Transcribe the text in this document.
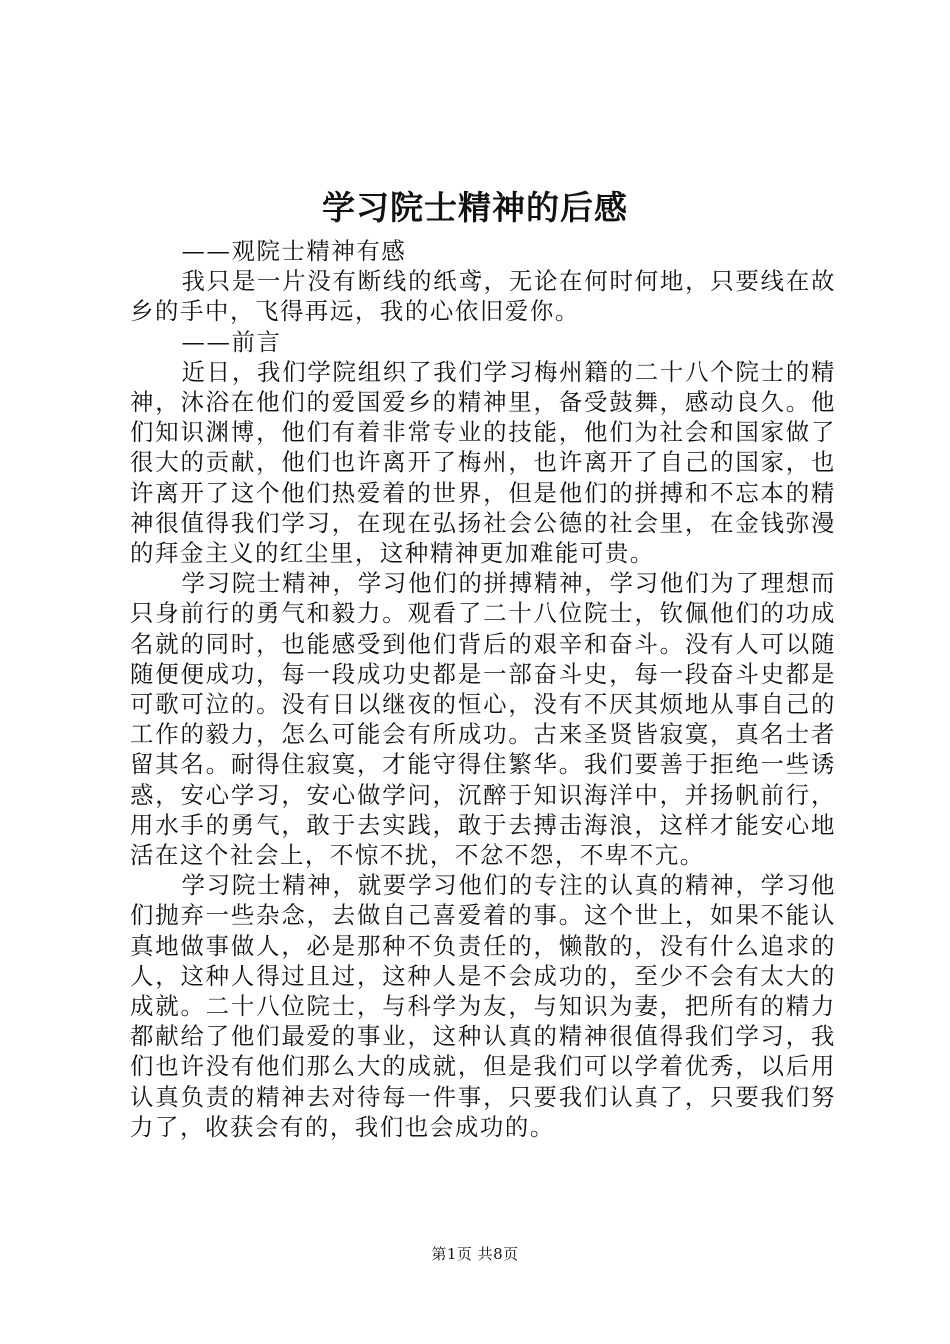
学习院士精神的后感

——观院士精神有感

我只是一片没有断线的纸鸢，无论在何时何地，只要线在故乡的手中，飞得再远，我的心依旧爱你。

——前言

近日，我们学院组织了我们学习梅州籍的二十八个院士的精神，沐浴在他们的爱国爱乡的精神里，备受鼓舞，感动良久。他们知识渊博，他们有着非常专业的技能，他们为社会和国家做了很大的贡献，他们也许离开了梅州，也许离开了自己的国家，也许离开了这个他们热爱着的世界，但是他们的拼搏和不忘本的精神很值得我们学习，在现在弘扬社会公德的社会里，在金钱弥漫的拜金主义的红尘里，这种精神更加难能可贵。

学习院士精神，学习他们的拼搏精神，学习他们为了理想而只身前行的勇气和毅力。观看了二十八位院士，钦佩他们的功成名就的同时，也能感受到他们背后的艰辛和奋斗。没有人可以随随便便成功，每一段成功史都是一部奋斗史，每一段奋斗史都是可歌可泣的。没有日以继夜的恒心，没有不厌其烦地从事自己的工作的毅力，怎么可能会有所成功。古来圣贤皆寂寞，真名士者留其名。耐得住寂寞，才能守得住繁华。我们要善于拒绝一些诱惑，安心学习，安心做学问，沉醉于知识海洋中，并扬帆前行，用水手的勇气，敢于去实践，敢于去搏击海浪，这样才能安心地活在这个社会上，不惊不扰，不忿不怨，不卑不亢。

学习院士精神，就要学习他们的专注的认真的精神，学习他们抛弃一些杂念，去做自己喜爱着的事。这个世上，如果不能认真地做事做人，必是那种不负责任的，懒散的，没有什么追求的人，这种人得过且过，这种人是不会成功的，至少不会有太大的成就。二十八位院士，与科学为友，与知识为妻，把所有的精力都献给了他们最爱的事业，这种认真的精神很值得我们学习，我们也许没有他们那么大的成就，但是我们可以学着优秀，以后用认真负责的精神去对待每一件事，只要我们认真了，只要我们努力了，收获会有的，我们也会成功的。

第1页 共8页
